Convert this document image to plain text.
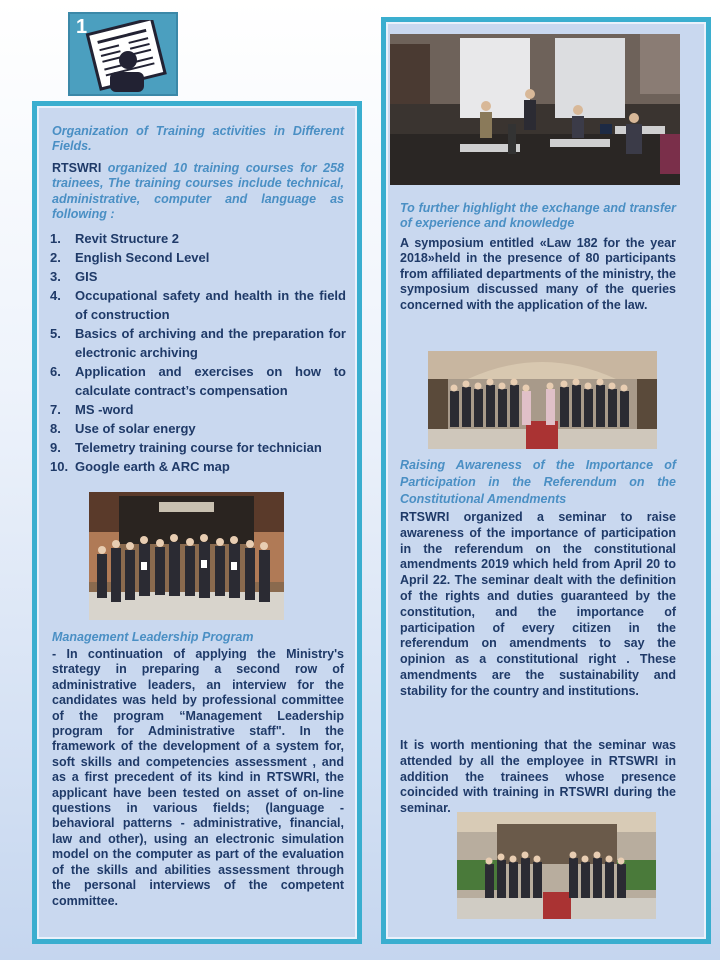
1
Organization of Training activities in Different Fields.
RTSWRI organized 10 training courses for 258 trainees, The training courses include technical, administrative, computer and language as following :
1.	Revit Structure 2
2.	English Second Level
3.	GIS
4.	Occupational safety and health in the field of construction
5.	Basics of archiving and the preparation for electronic archiving
6.	Application and exercises on how to calculate contract’s compensation
7.	MS -word
8.	Use of solar energy
9.	Telemetry training course for technician
10. Google earth & ARC map
Management Leadership Program
- In continuation of applying the Ministry's strategy in preparing a second row of administrative leaders, an interview for the candidates was held by professional committee of the program “Management Leadership program for Administrative staff". In the framework of the development of a system for, soft skills and competencies assessment , and as a first precedent of its kind in RTSWRI, the applicant have been tested on asset of on-line questions in various fields; (language - behavioral patterns - administrative, financial, law and other), using an electronic simulation model on the computer as part of the evaluation of the skills and abilities assessment through the personal interviews of the competent committee.
To further highlight the exchange and transfer of experience and knowledge
A symposium entitled «Law 182 for the year 2018»held in the presence of 80 participants from affiliated departments of the ministry, the symposium discussed many of the queries concerned with the application of the law.
Raising Awareness of the Importance of Participation in the Referendum on the Constitutional Amendments
RTSWRI organized a seminar to raise awareness of the importance of participation in the referendum on the constitutional amendments 2019 which held from April 20 to April 22. The seminar dealt with the definition of the rights and duties guaranteed by the constitution, and the importance of participation of every citizen in the referendum on amendments to say the opinion as a constitutional right . These amendments are the sustainability and stability for the country and institutions.
It is worth mentioning that the seminar was attended by all the employee in RTSWRI in addition the trainees whose presence coincided with training in RTSWRI during the seminar.
